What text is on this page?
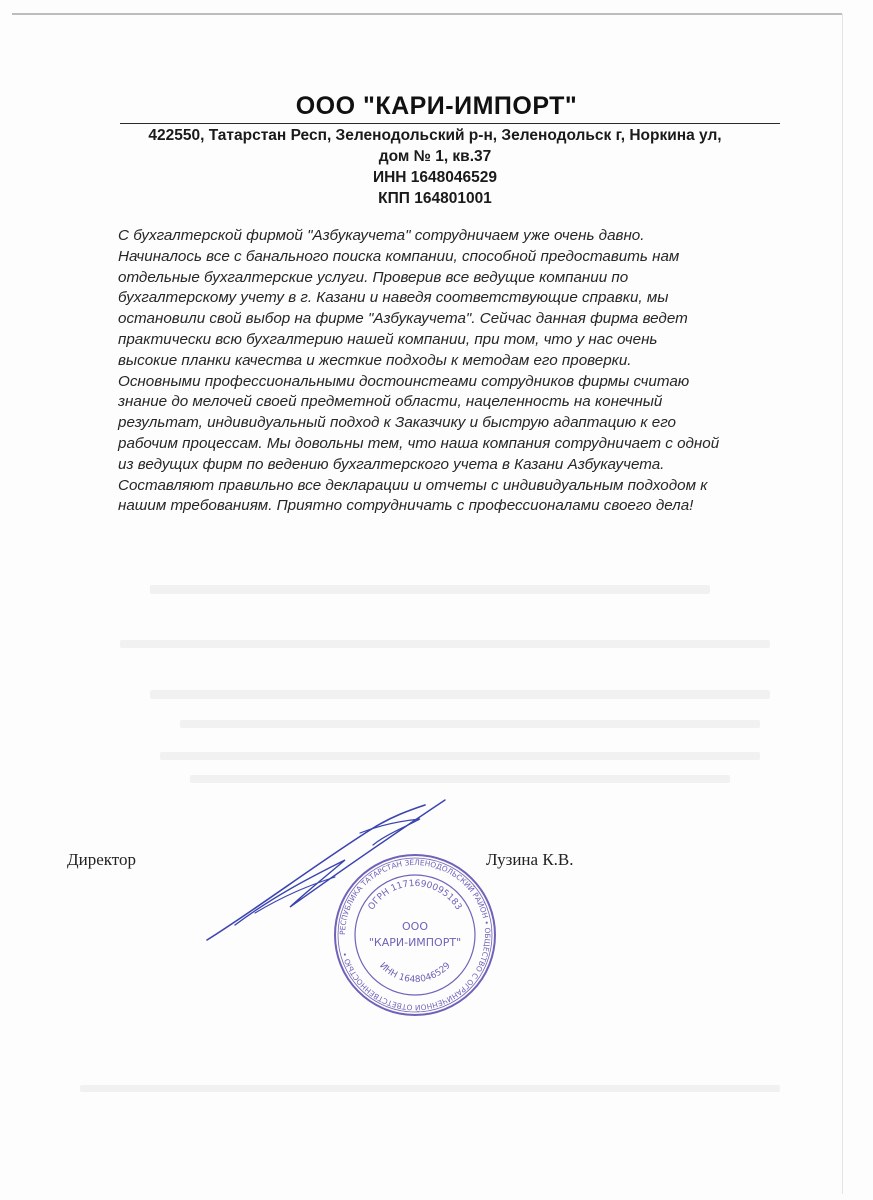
ООО "КАРИ-ИМПОРТ"
422550, Татарстан Респ, Зеленодольский р-н, Зеленодольск г, Норкина ул,
дом № 1, кв.37
ИНН 1648046529
КПП 164801001
С бухгалтерской фирмой "Азбукаучета" сотрудничаем уже очень давно.
Начиналось все с банального поиска компании, способной предоставить нам
отдельные бухгалтерские услуги. Проверив все ведущие компании по
бухгалтерскому учету в г. Казани и наведя соответствующие справки, мы
остановили свой выбор на фирме "Азбукаучета". Сейчас данная фирма ведет
практически всю бухгалтерию нашей компании, при том, что у нас очень
высокие планки качества и жесткие подходы к методам его проверки.
Основными профессиональными достоинстеами сотрудников фирмы считаю
знание до мелочей своей предметной области, нацеленность на конечный
результат, индивидуальный подход к Заказчику и быструю адаптацию к его
рабочим процессам. Мы довольны тем, что наша компания сотрудничает с одной
из ведущих фирм по ведению бухгалтерского учета в Казани Азбукаучета.
Составляют правильно все декларации и отчеты с индивидуальным подходом к
нашим требованиям. Приятно сотрудничать с профессионалами своего дела!
Директор	Лузина К.В.
РЕСПУБЛИКА ТАТАРСТАН ЗЕЛЕНОДОЛЬСКИЙ РАЙОН • ОБЩЕСТВО С ОГРАНИЧЕННОЙ ОТВЕТСТВЕННОСТЬЮ •
ОГРН 1171690095183
ИНН 1648046529
ООО
"КАРИ-ИМПОРТ"
